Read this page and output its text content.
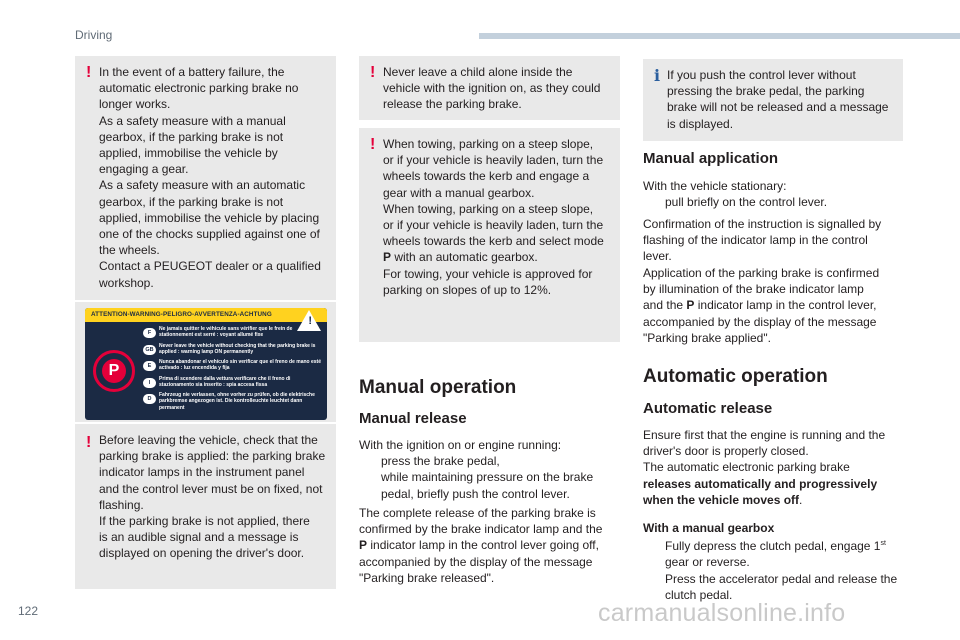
Driving
! In the event of a battery failure, the

automatic electronic parking brake no

longer works.

As a safety measure with a manual

gearbox, if the parking brake is not

applied, immobilise the vehicle by

engaging a gear.

As a safety measure with an automatic

gearbox, if the parking brake is not

applied, immobilise the vehicle by placing

one of the chocks supplied against one of

the wheels.

Contact a PEUGEOT dealer or a qualified

workshop.

ATTENTION-WARNING-PELIGRO-AVVERTENZA-ACHTUNG
!
P
F
Ne jamais quitter le véhicule sans vérifier que le frein de stationnement est serré : voyant allumé fixe
GB
Never leave the vehicle without checking that the parking brake is applied : warning lamp ON permanently
E
Nunca abandonar el vehículo sin verificar que el freno de mano esté activado : luz encendida y fija
I
Prima di scendere dalla vettura verificare che il freno di stazionamento sia inserito : spia accesa fissa
D
Fahrzeug nie verlassen, ohne vorher zu prüfen, ob die elektrische parkbremse angezogen ist. Die kontrolleuchte leuchtet dann permanent
! Before leaving the vehicle, check that the

parking brake is applied: the parking brake

indicator lamps in the instrument panel

and the control lever must be on fixed, not

flashing.

If the parking brake is not applied, there

is an audible signal and a message is

displayed on opening the driver's door.

! Never leave a child alone inside the

vehicle with the ignition on, as they could

release the parking brake.

! When towing, parking on a steep slope,

or if your vehicle is heavily laden, turn the

wheels towards the kerb and engage a

gear with a manual gearbox.

When towing, parking on a steep slope,

or if your vehicle is heavily laden, turn the

wheels towards the kerb and select mode

P with an automatic gearbox.

For towing, your vehicle is approved for

parking on slopes of up to 12%.

Manual operation
Manual release

With the ignition on or engine running:

press the brake pedal,

while maintaining pressure on the brake

pedal, briefly push the control lever.

The complete release of the parking brake is

confirmed by the brake indicator lamp and the

P indicator lamp in the control lever going off,

accompanied by the display of the message

"Parking brake released".

i If you push the control lever without

pressing the brake pedal, the parking

brake will not be released and a message

is displayed.

Manual application

With the vehicle stationary:

pull briefly on the control lever.

Confirmation of the instruction is signalled by

flashing of the indicator lamp in the control

lever.

Application of the parking brake is confirmed

by illumination of the brake indicator lamp

and the P indicator lamp in the control lever,

accompanied by the display of the message

"Parking brake applied".

Automatic operation
Automatic release

Ensure first that the engine is running and the

driver's door is properly closed.

The automatic electronic parking brake

releases automatically and progressively

when the vehicle moves off.

With a manual gearbox

Fully depress the clutch pedal, engage 1st

gear or reverse.

Press the accelerator pedal and release the

clutch pedal.

122	carmanualsonline.info
